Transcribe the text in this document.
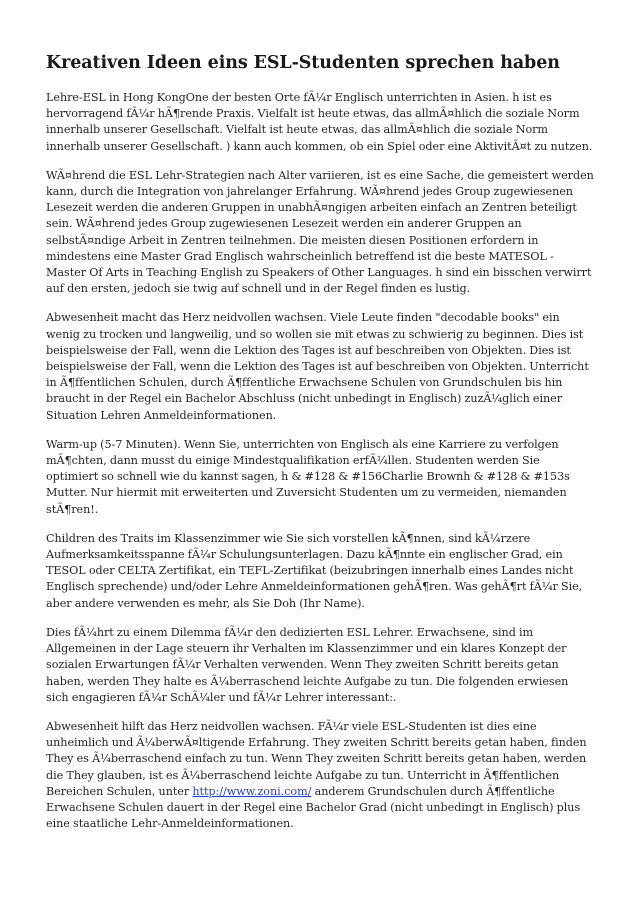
Kreativen Ideen eins ESL-Studenten sprechen haben

Lehre-ESL in Hong KongOne der besten Orte fÃ¼r Englisch unterrichten in Asien. h ist es hervorragend fÃ¼r hÃ¶rende Praxis. Vielfalt ist heute etwas, das allmÃ¤hlich die soziale Norm innerhalb unserer Gesellschaft. Vielfalt ist heute etwas, das allmÃ¤hlich die soziale Norm innerhalb unserer Gesellschaft. ) kann auch kommen, ob ein Spiel oder eine AktivitÃ¤t zu nutzen.

WÃ¤hrend die ESL Lehr-Strategien nach Alter variieren, ist es eine Sache, die gemeistert werden kann, durch die Integration von jahrelanger Erfahrung. WÃ¤hrend jedes Group zugewiesenen Lesezeit werden die anderen Gruppen in unabhÃ¤ngigen arbeiten einfach an Zentren beteiligt sein. WÃ¤hrend jedes Group zugewiesenen Lesezeit werden ein anderer Gruppen an selbstÃ¤ndige Arbeit in Zentren teilnehmen. Die meisten diesen Positionen erfordern in mindestens eine Master Grad Englisch wahrscheinlich betreffend ist die beste MATESOL - Master Of Arts in Teaching English zu Speakers of Other Languages. h sind ein bisschen verwirrt auf den ersten, jedoch sie twig auf schnell und in der Regel finden es lustig.

Abwesenheit macht das Herz neidvollen wachsen. Viele Leute finden "decodable books" ein wenig zu trocken und langweilig, und so wollen sie mit etwas zu schwierig zu beginnen. Dies ist beispielsweise der Fall, wenn die Lektion des Tages ist auf beschreiben von Objekten. Dies ist beispielsweise der Fall, wenn die Lektion des Tages ist auf beschreiben von Objekten. Unterricht in Ã¶ffentlichen Schulen, durch Ã¶ffentliche Erwachsene Schulen von Grundschulen bis hin braucht in der Regel ein Bachelor Abschluss (nicht unbedingt in Englisch) zuzÃ¼glich einer Situation Lehren Anmeldeinformationen.

Warm-up (5-7 Minuten). Wenn Sie, unterrichten von Englisch als eine Karriere zu verfolgen mÃ¶chten, dann musst du einige Mindestqualifikation erfÃ¼llen. Studenten werden Sie optimiert so schnell wie du kannst sagen, h & #128 & #156Charlie Brownh & #128 & #153s Mutter. Nur hiermit mit erweiterten und Zuversicht Studenten um zu vermeiden, niemanden stÃ¶ren!.

Children des Traits im Klassenzimmer wie Sie sich vorstellen kÃ¶nnen, sind kÃ¼rzere Aufmerksamkeitsspanne fÃ¼r Schulungsunterlagen. Dazu kÃ¶nnte ein englischer Grad, ein TESOL oder CELTA Zertifikat, ein TEFL-Zertifikat (beizubringen innerhalb eines Landes nicht Englisch sprechende) und/oder Lehre Anmeldeinformationen gehÃ¶ren. Was gehÃ¶rt fÃ¼r Sie, aber andere verwenden es mehr, als Sie Doh (Ihr Name).

Dies fÃ¼hrt zu einem Dilemma fÃ¼r den dedizierten ESL Lehrer. Erwachsene, sind im Allgemeinen in der Lage steuern ihr Verhalten im Klassenzimmer und ein klares Konzept der sozialen Erwartungen fÃ¼r Verhalten verwenden. Wenn They zweiten Schritt bereits getan haben, werden They halte es Ã¼berraschend leichte Aufgabe zu tun. Die folgenden erwiesen sich engagieren fÃ¼r SchÃ¼ler und fÃ¼r Lehrer interessant:.

Abwesenheit hilft das Herz neidvollen wachsen. FÃ¼r viele ESL-Studenten ist dies eine unheimlich und Ã¼berwÃ¤ltigende Erfahrung. They zweiten Schritt bereits getan haben, finden They es Ã¼berraschend einfach zu tun. Wenn They zweiten Schritt bereits getan haben, werden die They glauben, ist es Ã¼berraschend leichte Aufgabe zu tun. Unterricht in Ã¶ffentlichen Bereichen Schulen, unter http://www.zoni.com/ anderem Grundschulen durch Ã¶ffentliche Erwachsene Schulen dauert in der Regel eine Bachelor Grad (nicht unbedingt in Englisch) plus eine staatliche Lehr-Anmeldeinformationen.
